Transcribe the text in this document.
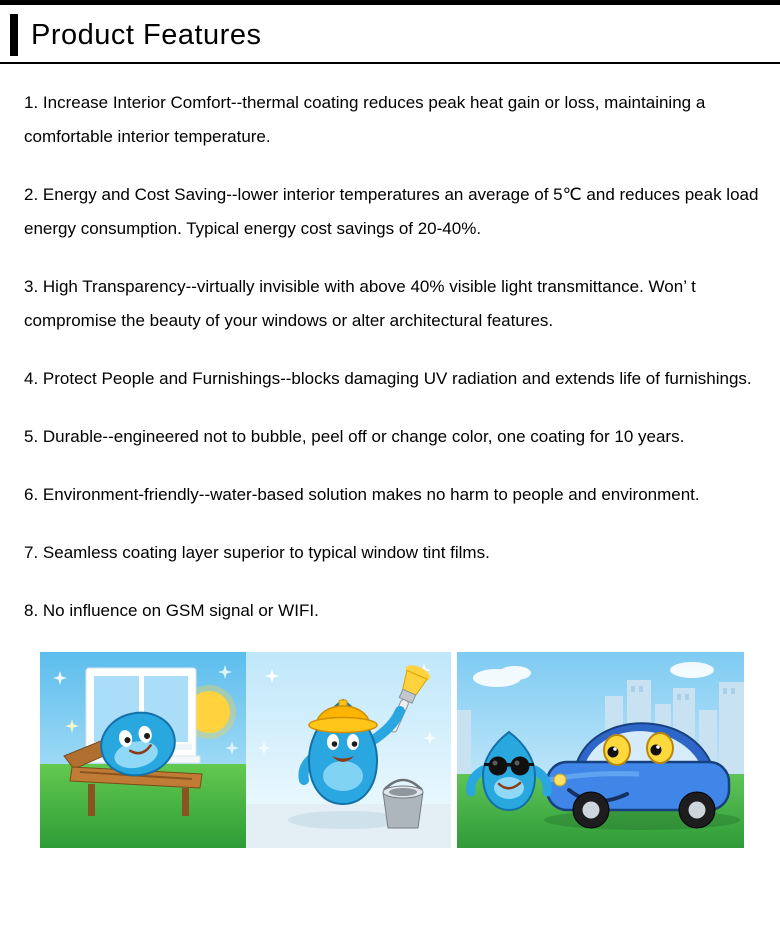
Product Features

1. Increase Interior Comfort--thermal coating reduces peak heat gain or loss, maintaining a comfortable interior temperature.

2. Energy and Cost Saving--lower interior temperatures an average of 5℃ and reduces peak load energy consumption. Typical energy cost savings of 20-40%.

3. High Transparency--virtually invisible with above 40% visible light transmittance. Won’ t compromise the beauty of your windows or alter architectural features.

4. Protect People and Furnishings--blocks damaging UV radiation and extends life of furnishings.

5. Durable--engineered not to bubble, peel off or change color, one coating for 10 years.

6. Environment-friendly--water-based solution makes no harm to people and environment.

7. Seamless coating layer superior to typical window tint films.

8. No influence on GSM signal or WIFI.
